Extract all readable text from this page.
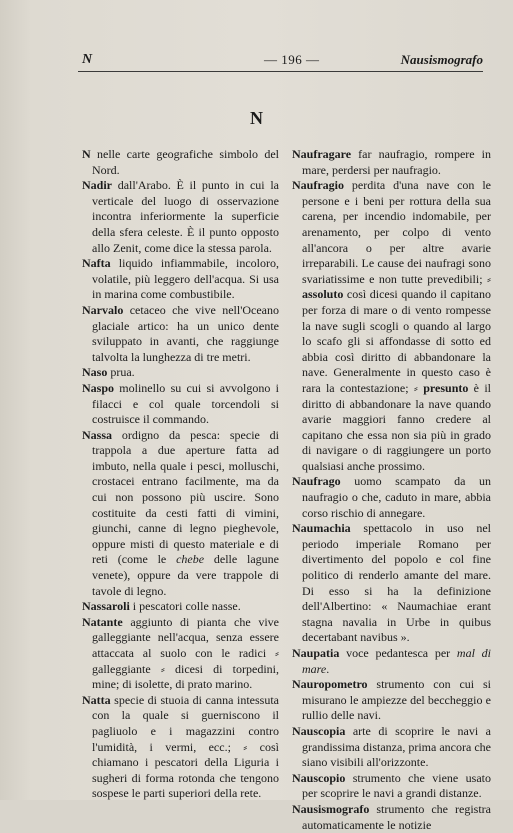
N	— 196 —	Nausismografo
N

N nelle carte geografiche simbolo del Nord.

Nadir dall'Arabo. È il punto in cui la verticale del luogo di osservazione incontra inferiormente la superficie della sfera celeste. È il punto opposto allo Zenit, come dice la stessa parola.

Nafta liquido infiammabile, incoloro, volatile, più leggero dell'acqua. Si usa in marina come combustibile.

Narvalo cetaceo che vive nell'Oceano glaciale artico: ha un unico dente sviluppato in avanti, che raggiunge talvolta la lunghezza di tre metri.

Naso prua.

Naspo molinello su cui si avvolgono i filacci e col quale torcendoli si costruisce il commando.

Nassa ordigno da pesca: specie di trappola a due aperture fatta ad imbuto, nella quale i pesci, molluschi, crostacei entrano facilmente, ma da cui non possono più uscire. Sono costituite da cesti fatti di vimini, giunchi, canne di legno pieghevole, oppure misti di questo materiale e di reti (come le chebe delle lagune venete), oppure da vere trappole di tavole di legno.

Nassaroli i pescatori colle nasse.

Natante aggiunto di pianta che vive galleggiante nell'acqua, senza essere attaccata al suolo con le radici ⸗ galleggiante ⸗ dicesi di torpedini, mine; di isolette, di prato marino.

Natta specie di stuoia di canna intessuta con la quale si guerniscono il pagliuolo e i magazzini contro l'umidità, i vermi, ecc.; ⸗ così chiamano i pescatori della Liguria i sugheri di forma rotonda che tengono sospese le parti superiori della rete.

Naufragare far naufragio, rompere in mare, perdersi per naufragio.

Naufragio perdita d'una nave con le persone e i beni per rottura della sua carena, per incendio indomabile, per arenamento, per colpo di vento all'ancora o per altre avarie irreparabili. Le cause dei naufragi sono svariatissime e non tutte prevedibili; ⸗ assoluto così dicesi quando il capitano per forza di mare o di vento rompesse la nave sugli scogli o quando al largo lo scafo gli si affondasse di sotto ed abbia così diritto di abbandonare la nave. Generalmente in questo caso è rara la contestazione; ⸗ presunto è il diritto di abbandonare la nave quando avarie maggiori fanno credere al capitano che essa non sia più in grado di navigare o di raggiungere un porto qualsiasi anche prossimo.

Naufrago uomo scampato da un naufragio o che, caduto in mare, abbia corso rischio di annegare.

Naumachia spettacolo in uso nel periodo imperiale Romano per divertimento del popolo e col fine politico di renderlo amante del mare. Di esso si ha la definizione dell'Albertino: « Naumachiae erant stagna navalia in Urbe in quibus decertabant navibus ».

Naupatia voce pedantesca per mal di mare.

Nauropometro strumento con cui si misurano le ampiezze del beccheggio e rullio delle navi.

Nauscopia arte di scoprire le navi a grandissima distanza, prima ancora che siano visibili all'orizzonte.

Nauscopio strumento che viene usato per scoprire le navi a grandi distanze.

Nausismografo strumento che registra automaticamente le notizie
